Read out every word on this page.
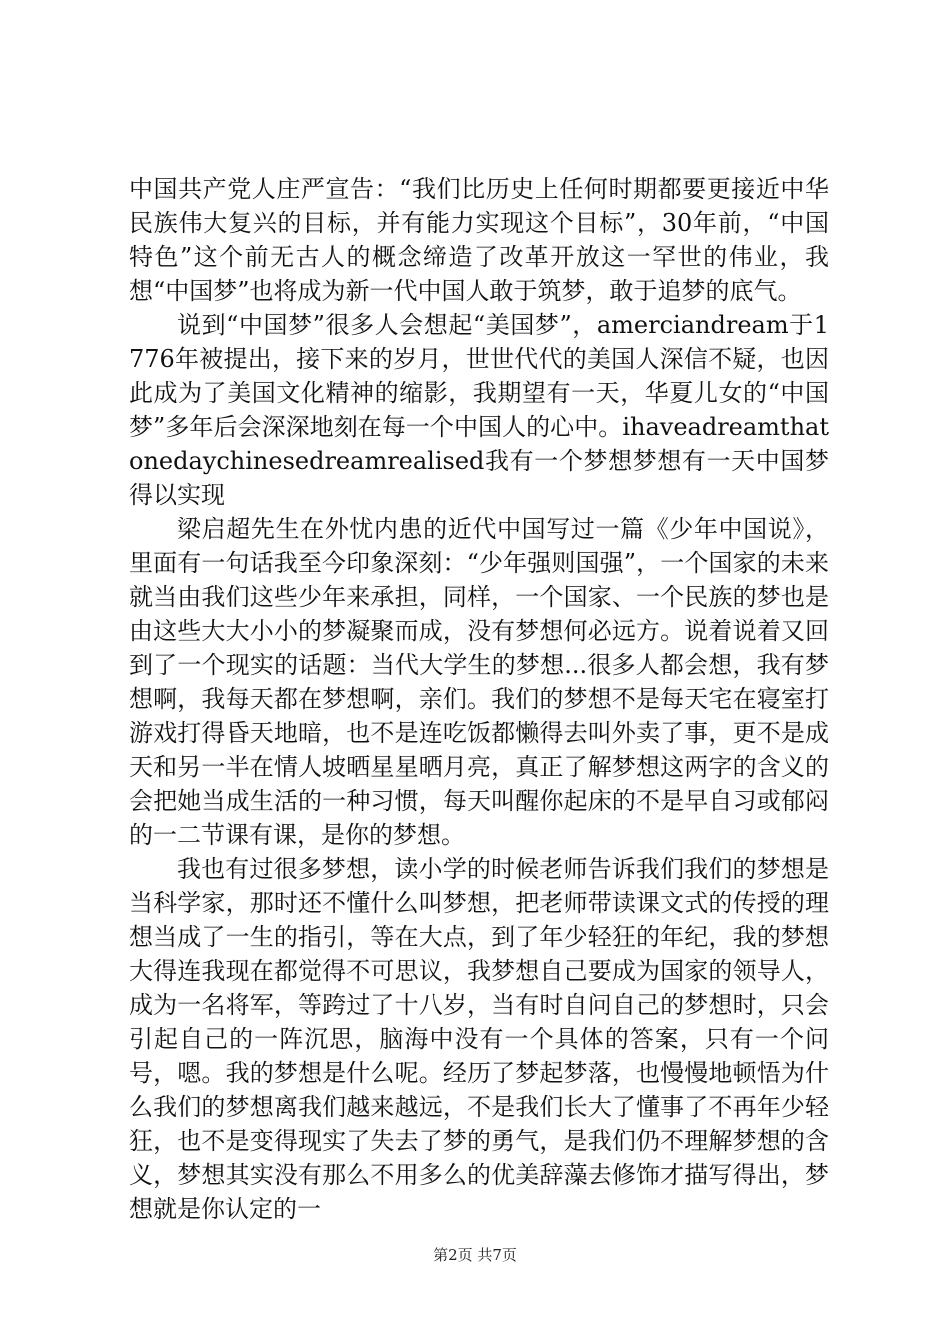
中国共产党人庄严宣告：“我们比历史上任何时期都要更接近中华民族伟大复兴的目标，并有能力实现这个目标”，30年前，“中国特色”这个前无古人的概念缔造了改革开放这一罕世的伟业，我想“中国梦”也将成为新一代中国人敢于筑梦，敢于追梦的底气。

说到“中国梦”很多人会想起“美国梦”，amerciandream于1776年被提出，接下来的岁月，世世代代的美国人深信不疑，也因此成为了美国文化精神的缩影，我期望有一天，华夏儿女的“中国梦”多年后会深深地刻在每一个中国人的心中。ihaveadreamthatonedaychinesedreamrealised我有一个梦想梦想有一天中国梦得以实现

梁启超先生在外忧内患的近代中国写过一篇《少年中国说》，里面有一句话我至今印象深刻：“少年强则国强”，一个国家的未来就当由我们这些少年来承担，同样，一个国家、一个民族的梦也是由这些大大小小的梦凝聚而成，没有梦想何必远方。说着说着又回到了一个现实的话题：当代大学生的梦想...很多人都会想，我有梦想啊，我每天都在梦想啊，亲们。我们的梦想不是每天宅在寝室打游戏打得昏天地暗，也不是连吃饭都懒得去叫外卖了事，更不是成天和另一半在情人坡晒星星晒月亮，真正了解梦想这两字的含义的会把她当成生活的一种习惯，每天叫醒你起床的不是早自习或郁闷的一二节课有课，是你的梦想。

我也有过很多梦想，读小学的时候老师告诉我们我们的梦想是当科学家，那时还不懂什么叫梦想，把老师带读课文式的传授的理想当成了一生的指引，等在大点，到了年少轻狂的年纪，我的梦想大得连我现在都觉得不可思议，我梦想自己要成为国家的领导人，成为一名将军，等跨过了十八岁，当有时自问自己的梦想时，只会引起自己的一阵沉思，脑海中没有一个具体的答案，只有一个问号，嗯。我的梦想是什么呢。经历了梦起梦落，也慢慢地顿悟为什么我们的梦想离我们越来越远，不是我们长大了懂事了不再年少轻狂，也不是变得现实了失去了梦的勇气，是我们仍不理解梦想的含义，梦想其实没有那么不用多么的优美辞藻去修饰才描写得出，梦想就是你认定的一

第2页 共7页
